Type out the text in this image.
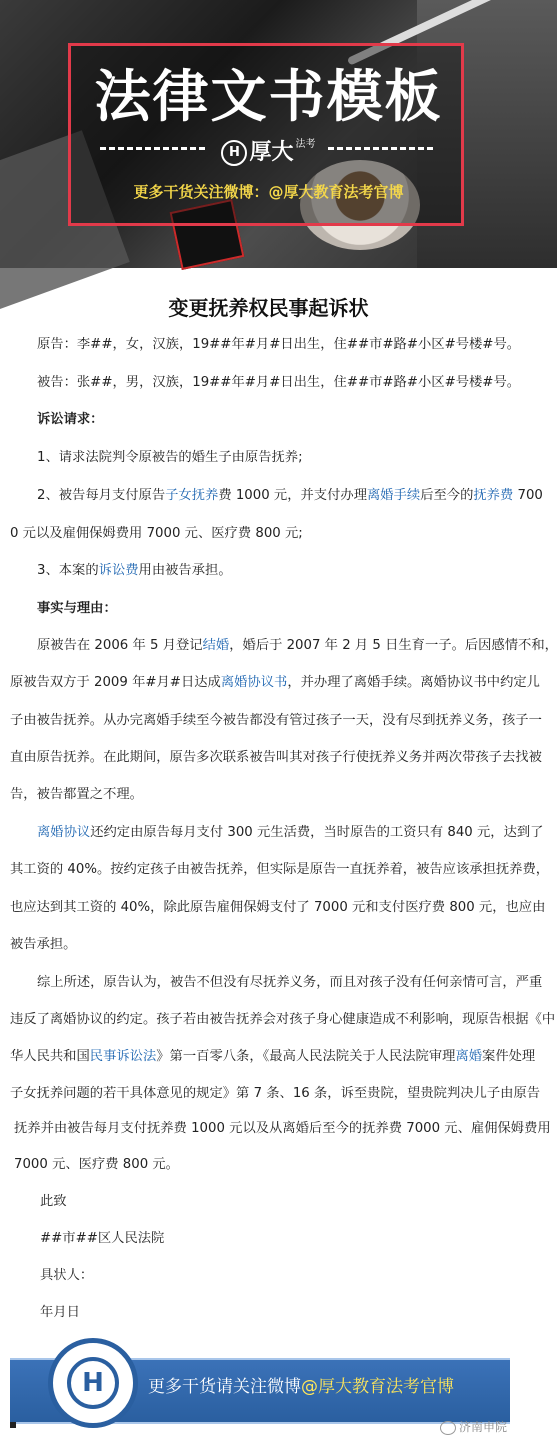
法律文书模板
H 厚大 $^{法考}$
更多干货关注微博：@厚大教育法考官博
变更抚养权民事起诉状
原告：李##，女，汉族，19##年#月#日出生，住##市#路#小区#号楼#号。
被告：张##，男，汉族，19##年#月#日出生，住##市#路#小区#号楼#号。
诉讼请求：
1、请求法院判令原被告的婚生子由原告抚养;
2、被告每月支付原告子女抚养费 1000 元，并支付办理离婚手续后至今的抚养费 700
0 元以及雇佣保姆费用 7000 元、医疗费 800 元;
3、本案的诉讼费用由被告承担。
事实与理由：
原被告在 2006 年 5 月登记结婚，婚后于 2007 年 2 月 5 日生育一子。后因感情不和，
原被告双方于 2009 年#月#日达成离婚协议书，并办理了离婚手续。离婚协议书中约定儿
子由被告抚养。从办完离婚手续至今被告都没有管过孩子一天，没有尽到抚养义务，孩子一
直由原告抚养。在此期间，原告多次联系被告叫其对孩子行使抚养义务并两次带孩子去找被
告，被告都置之不理。
离婚协议还约定由原告每月支付 300 元生活费，当时原告的工资只有 840 元，达到了
其工资的 40%。按约定孩子由被告抚养，但实际是原告一直抚养着，被告应该承担抚养费，
也应达到其工资的 40%，除此原告雇佣保姆支付了 7000 元和支付医疗费 800 元，也应由
被告承担。
综上所述，原告认为，被告不但没有尽抚养义务，而且对孩子没有任何亲情可言，严重
违反了离婚协议的约定。孩子若由被告抚养会对孩子身心健康造成不利影响，现原告根据《中
华人民共和国民事诉讼法》第一百零八条，《最高人民法院关于人民法院审理离婚案件处理
子女抚养问题的若干具体意见的规定》第 7 条、16 条，诉至贵院，望贵院判决儿子由原告
抚养并由被告每月支付抚养费 1000 元以及从离婚后至今的抚养费 7000 元、雇佣保姆费用
7000 元、医疗费 800 元。
此致
##市##区人民法院
具状人：
年月日
H	更多干货请关注微博@厚大教育法考官博
济南申院
